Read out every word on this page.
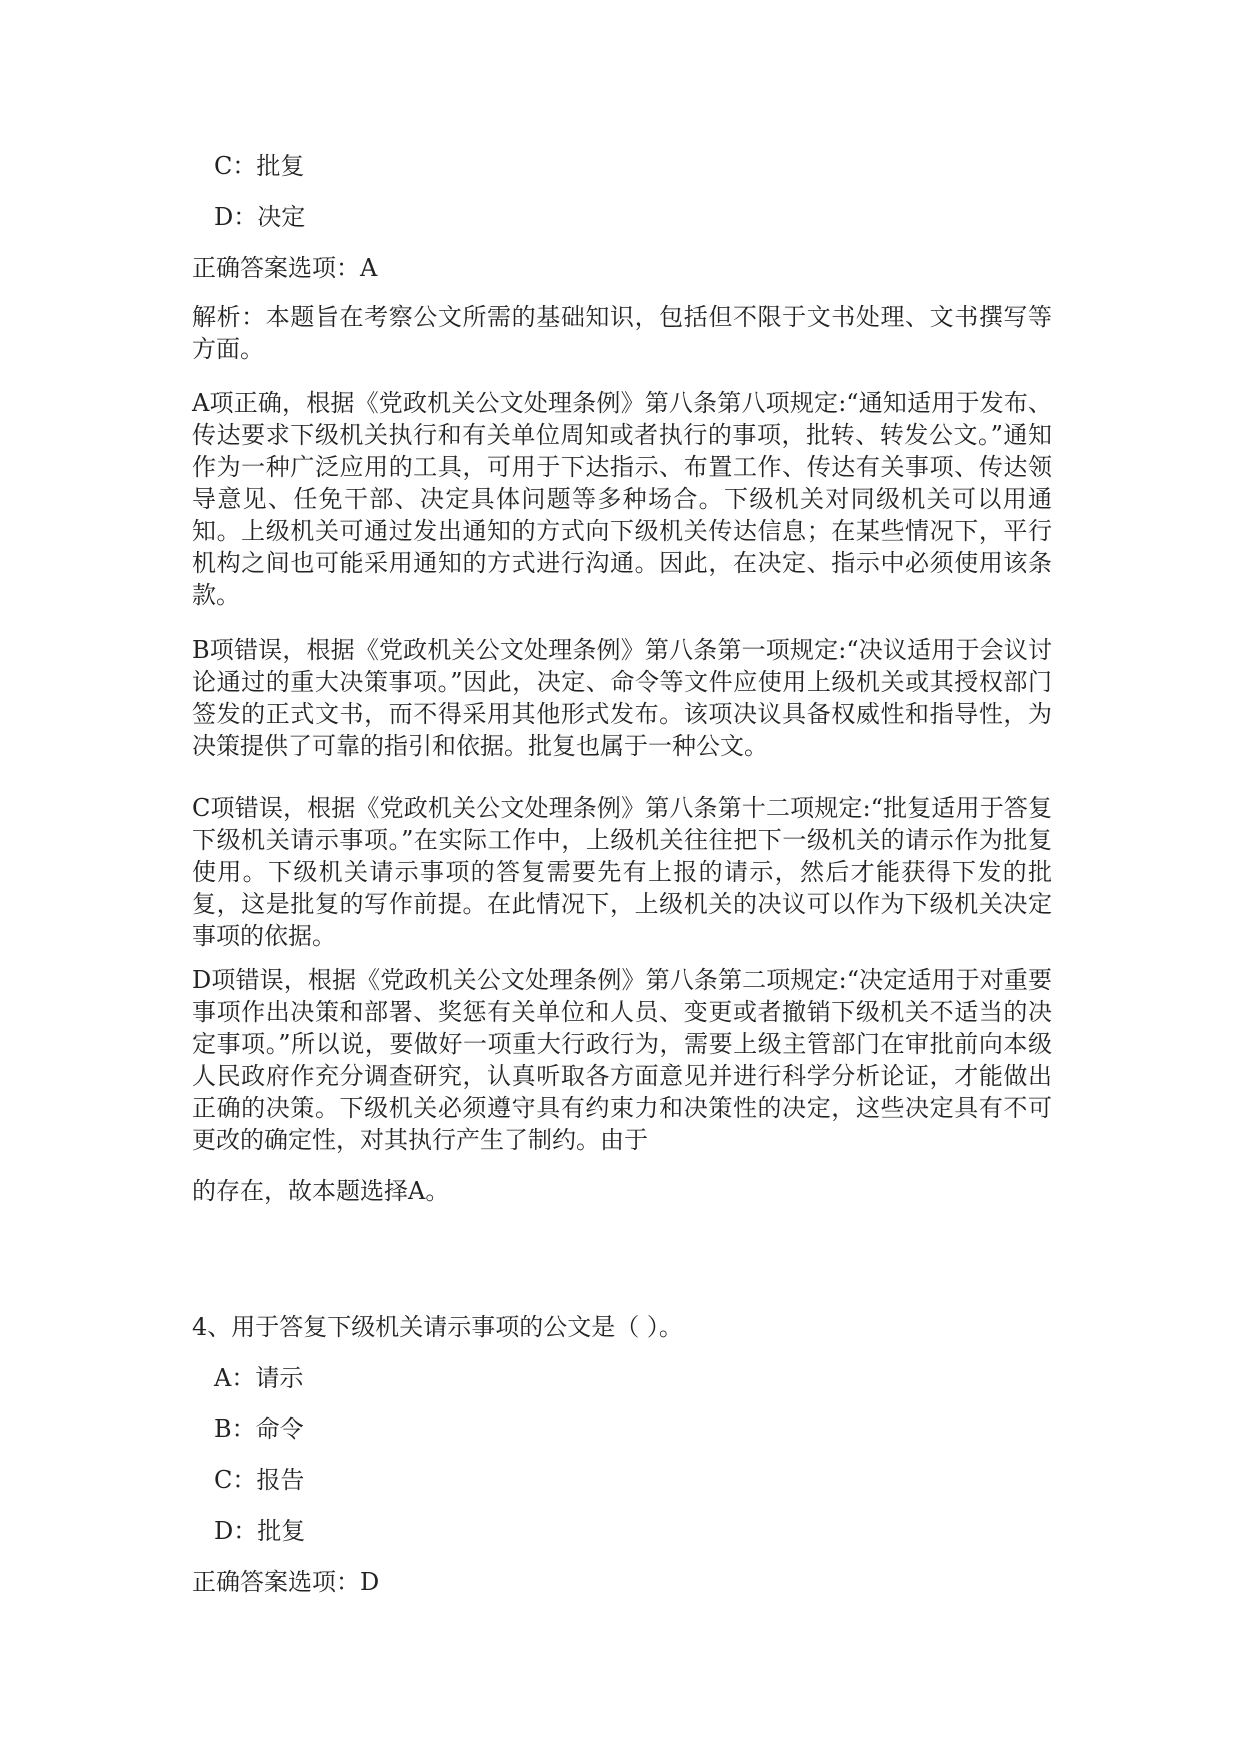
C：批复

D：决定

正确答案选项：A

解析：本题旨在考察公文所需的基础知识，包括但不限于文书处理、文书撰写等方面。

A项正确，根据《党政机关公文处理条例》第八条第八项规定:“通知适用于发布、传达要求下级机关执行和有关单位周知或者执行的事项，批转、转发公文。”通知作为一种广泛应用的工具，可用于下达指示、布置工作、传达有关事项、传达领导意见、任免干部、决定具体问题等多种场合。下级机关对同级机关可以用通知。上级机关可通过发出通知的方式向下级机关传达信息；在某些情况下，平行机构之间也可能采用通知的方式进行沟通。因此，在决定、指示中必须使用该条款。

B项错误，根据《党政机关公文处理条例》第八条第一项规定:“决议适用于会议讨论通过的重大决策事项。”因此，决定、命令等文件应使用上级机关或其授权部门签发的正式文书，而不得采用其他形式发布。该项决议具备权威性和指导性，为决策提供了可靠的指引和依据。批复也属于一种公文。

C项错误，根据《党政机关公文处理条例》第八条第十二项规定:“批复适用于答复下级机关请示事项。”在实际工作中，上级机关往往把下一级机关的请示作为批复使用。下级机关请示事项的答复需要先有上报的请示，然后才能获得下发的批复，这是批复的写作前提。在此情况下，上级机关的决议可以作为下级机关决定事项的依据。

D项错误，根据《党政机关公文处理条例》第八条第二项规定:“决定适用于对重要事项作出决策和部署、奖惩有关单位和人员、变更或者撤销下级机关不适当的决定事项。”所以说，要做好一项重大行政行为，需要上级主管部门在审批前向本级人民政府作充分调查研究，认真听取各方面意见并进行科学分析论证，才能做出正确的决策。下级机关必须遵守具有约束力和决策性的决定，这些决定具有不可更改的确定性，对其执行产生了制约。由于

的存在，故本题选择A。

4、用于答复下级机关请示事项的公文是（ ）。

A：请示

B：命令

C：报告

D：批复

正确答案选项：D
